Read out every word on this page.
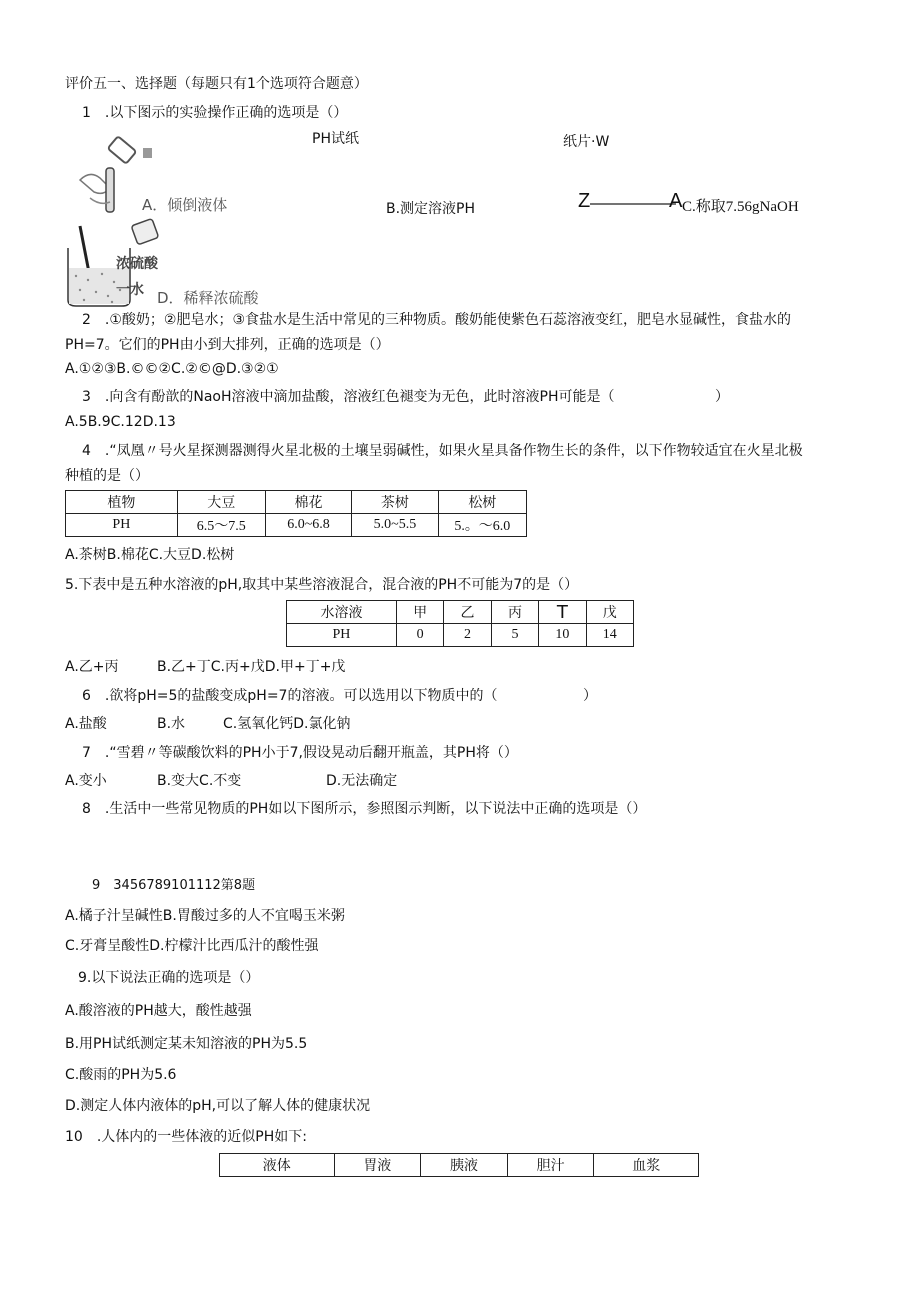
评价五一、选择题（每题只有1个选项符合题意）
1　.以下图示的实验操作正确的选项是（）
PH试纸	纸片·W
A．倾倒液体	B.测定溶液PH	Z	A C.称取7.56gNaOH
浓硫酸
一水 D．稀释浓硫酸
2　.①酸奶；②肥皂水；③食盐水是生活中常见的三种物质。酸奶能使紫色石蕊溶液变红，肥皂水显碱性，食盐水的
PH=7。它们的PH由小到大排列，正确的选项是（）
A.①②③B.©©②C.②©@D.③②①
3　.向含有酚歆的NaoH溶液中滴加盐酸，溶液红色褪变为无色，此时溶液PH可能是（	）
A.5B.9C.12D.13
4　.“凤凰〃号火星探测器测得火星北极的土壤呈弱碱性，如果火星具备作物生长的条件，以下作物较适宜在火星北极
种植的是（）
植物	大豆	棉花	茶树	松树
PH	6.5～7.5	6.0~6.8	5.0~5.5	5.。〜6.0
A.茶树B.棉花C.大豆D.松树
5.下表中是五种水溶液的pH,取其中某些溶液混合，混合液的PH不可能为7的是（）
水溶液	甲	乙	丙	T	戊
PH	0	2	5	10	14
A.乙+丙	B.乙+丁C.丙+戊D.甲+丁+戊
6　.欲将pH=5的盐酸变成pH=7的溶液。可以选用以下物质中的（	）
A.盐酸	B.水	C.氢氧化钙D.氯化钠
7　.“雪碧〃等碳酸饮料的PH小于7,假设晃动后翻开瓶盖，其PH将（）
A.变小	B.变大C.不变	D.无法确定
8　.生活中一些常见物质的PH如以下图所示，参照图示判断，以下说法中正确的选项是（）
9　3456789101112第8题
A.橘子汁呈碱性B.胃酸过多的人不宜喝玉米粥
C.牙膏呈酸性D.柠檬汁比西瓜汁的酸性强
9.以下说法正确的选项是（）
A.酸溶液的PH越大，酸性越强
B.用PH试纸测定某未知溶液的PH为5.5
C.酸雨的PH为5.6
D.测定人体内液体的pH,可以了解人体的健康状况
10　.人体内的一些体液的近似PH如下:
液体	胃液	胰液	胆汁	血浆
